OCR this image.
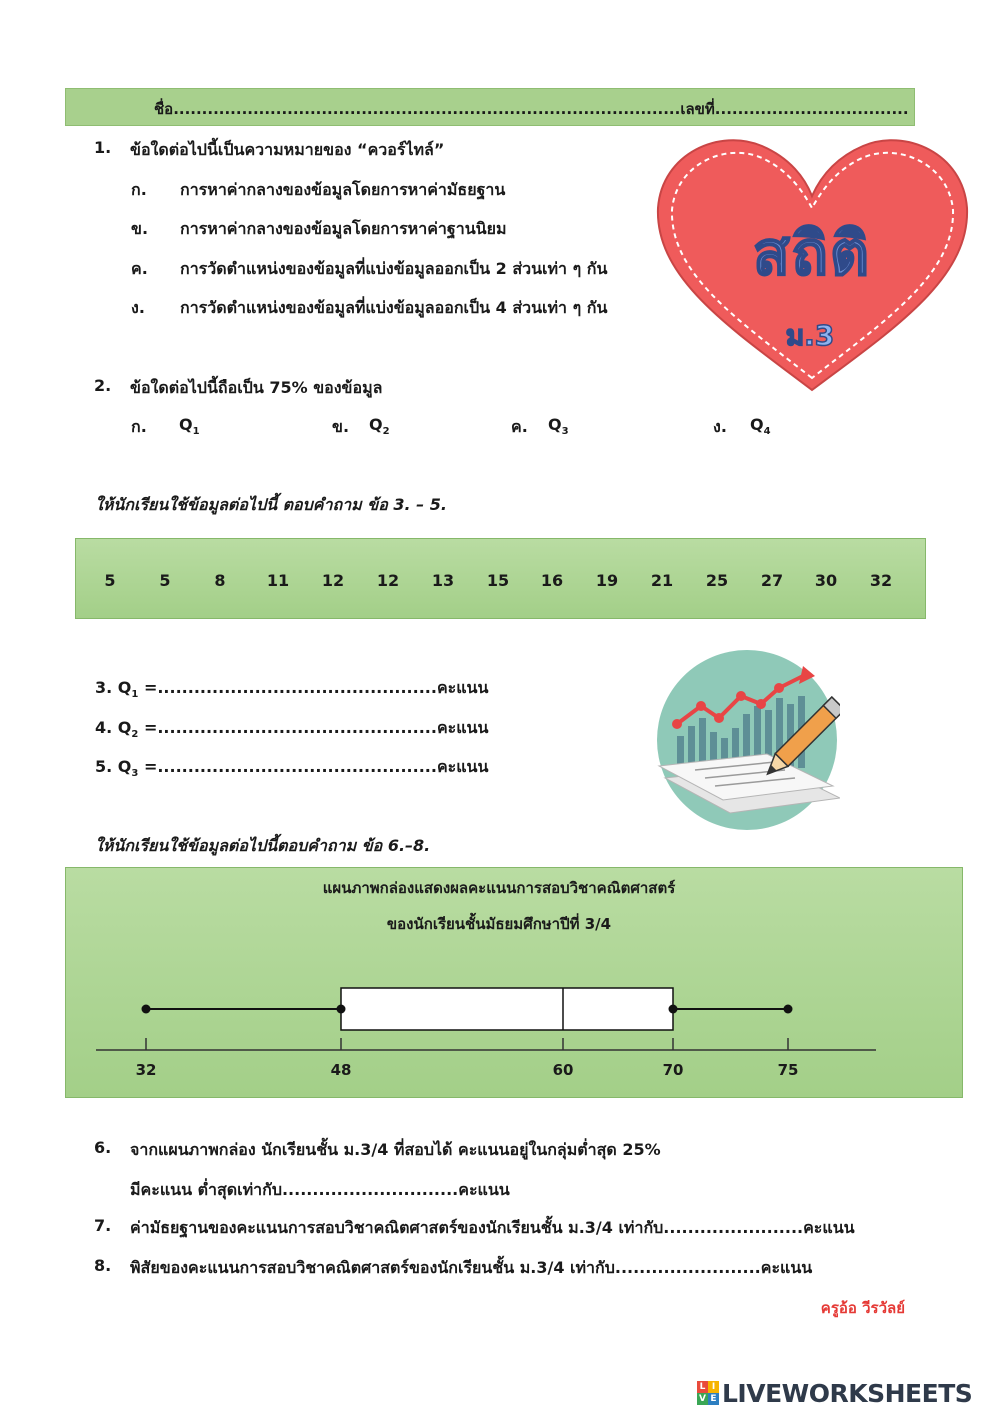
ชื่อ.........................................................................................เลขที่..................................
1. ข้อใดต่อไปนี้เป็นความหมายของ “ควอร์ไทล์”
ก. การหาค่ากลางของข้อมูลโดยการหาค่ามัธยฐาน
ข. การหาค่ากลางของข้อมูลโดยการหาค่าฐานนิยม
ค. การวัดตำแหน่งของข้อมูลที่แบ่งข้อมูลออกเป็น 2 ส่วนเท่า ๆ กัน
ง. การวัดตำแหน่งของข้อมูลที่แบ่งข้อมูลออกเป็น 4 ส่วนเท่า ๆ กัน
สถิติ
ม.3
2. ข้อใดต่อไปนี้ถือเป็น 75% ของข้อมูล
ก. $Q_1$	ข. $Q_2$	ค. $Q_3$	ง. $Q_4$
ให้นักเรียนใช้ข้อมูลต่อไปนี้ ตอบคำถาม ข้อ 3. – 5.
5	5	8	11	12	12	13	15	16	19	21	25	27	30	32
3. $Q_1$ =..............................................คะแนน
4. $Q_2$ =..............................................คะแนน
5. $Q_3$ =..............................................คะแนน
ให้นักเรียนใช้ข้อมูลต่อไปนี้ตอบคำถาม ข้อ 6.–8.
แผนภาพกล่องแสดงผลคะแนนการสอบวิชาคณิตศาสตร์
ของนักเรียนชั้นมัธยมศึกษาปีที่ 3/4
32	48	60	70	75
6. จากแผนภาพกล่อง นักเรียนชั้น ม.3/4 ที่สอบได้ คะแนนอยู่ในกลุ่มต่ำสุด 25%
มีคะแนน ต่ำสุดเท่ากับ.............................คะแนน
7. ค่ามัธยฐานของคะแนนการสอบวิชาคณิตศาสตร์ของนักเรียนชั้น ม.3/4 เท่ากับ.......................คะแนน
8. พิสัยของคะแนนการสอบวิชาคณิตศาสตร์ของนักเรียนชั้น ม.3/4 เท่ากับ........................คะแนน
ครูอ้อ วีรวัลย์
L I
V E LIVEWORKSHEETS
